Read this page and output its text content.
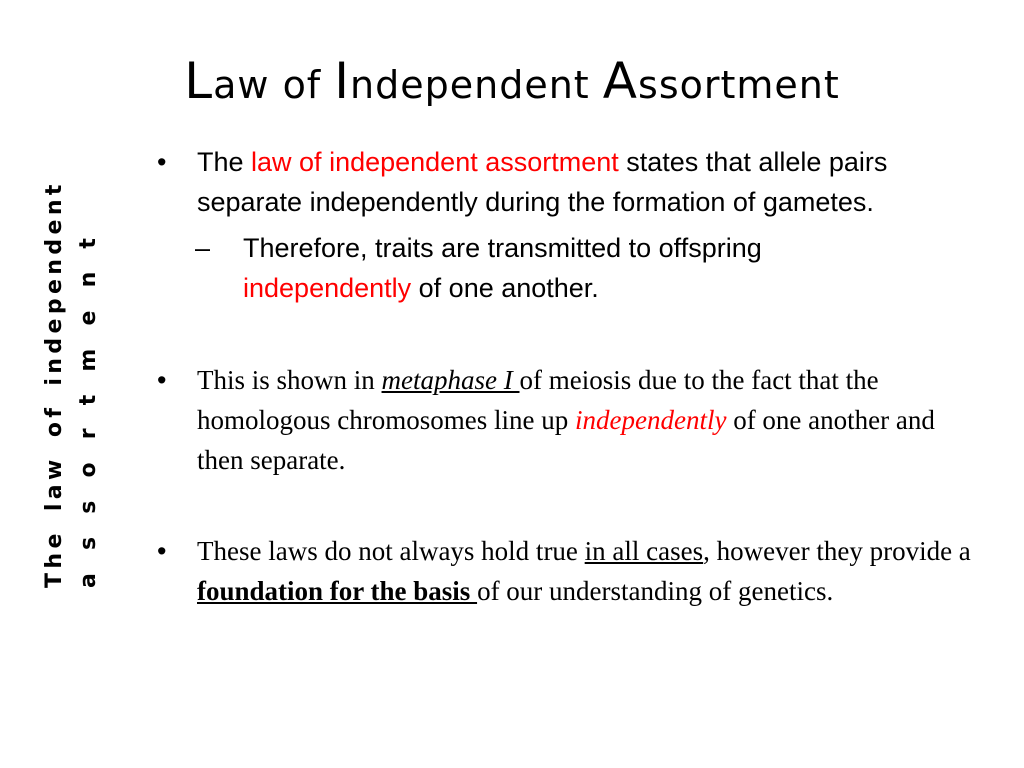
Law of Independent Assortment
The law of independent a
s
s
o
r
t
m
e
n
t
• The law of independent assortment states that allele pairs separate independently during the formation of gametes.
– Therefore, traits are transmitted to offspring independently of one another.
• This is shown in metaphase I of meiosis due to the fact that the homologous chromosomes line up independently of one another and then separate.
• These laws do not always hold true in all cases, however they provide a foundation for the basis of our understanding of genetics.
